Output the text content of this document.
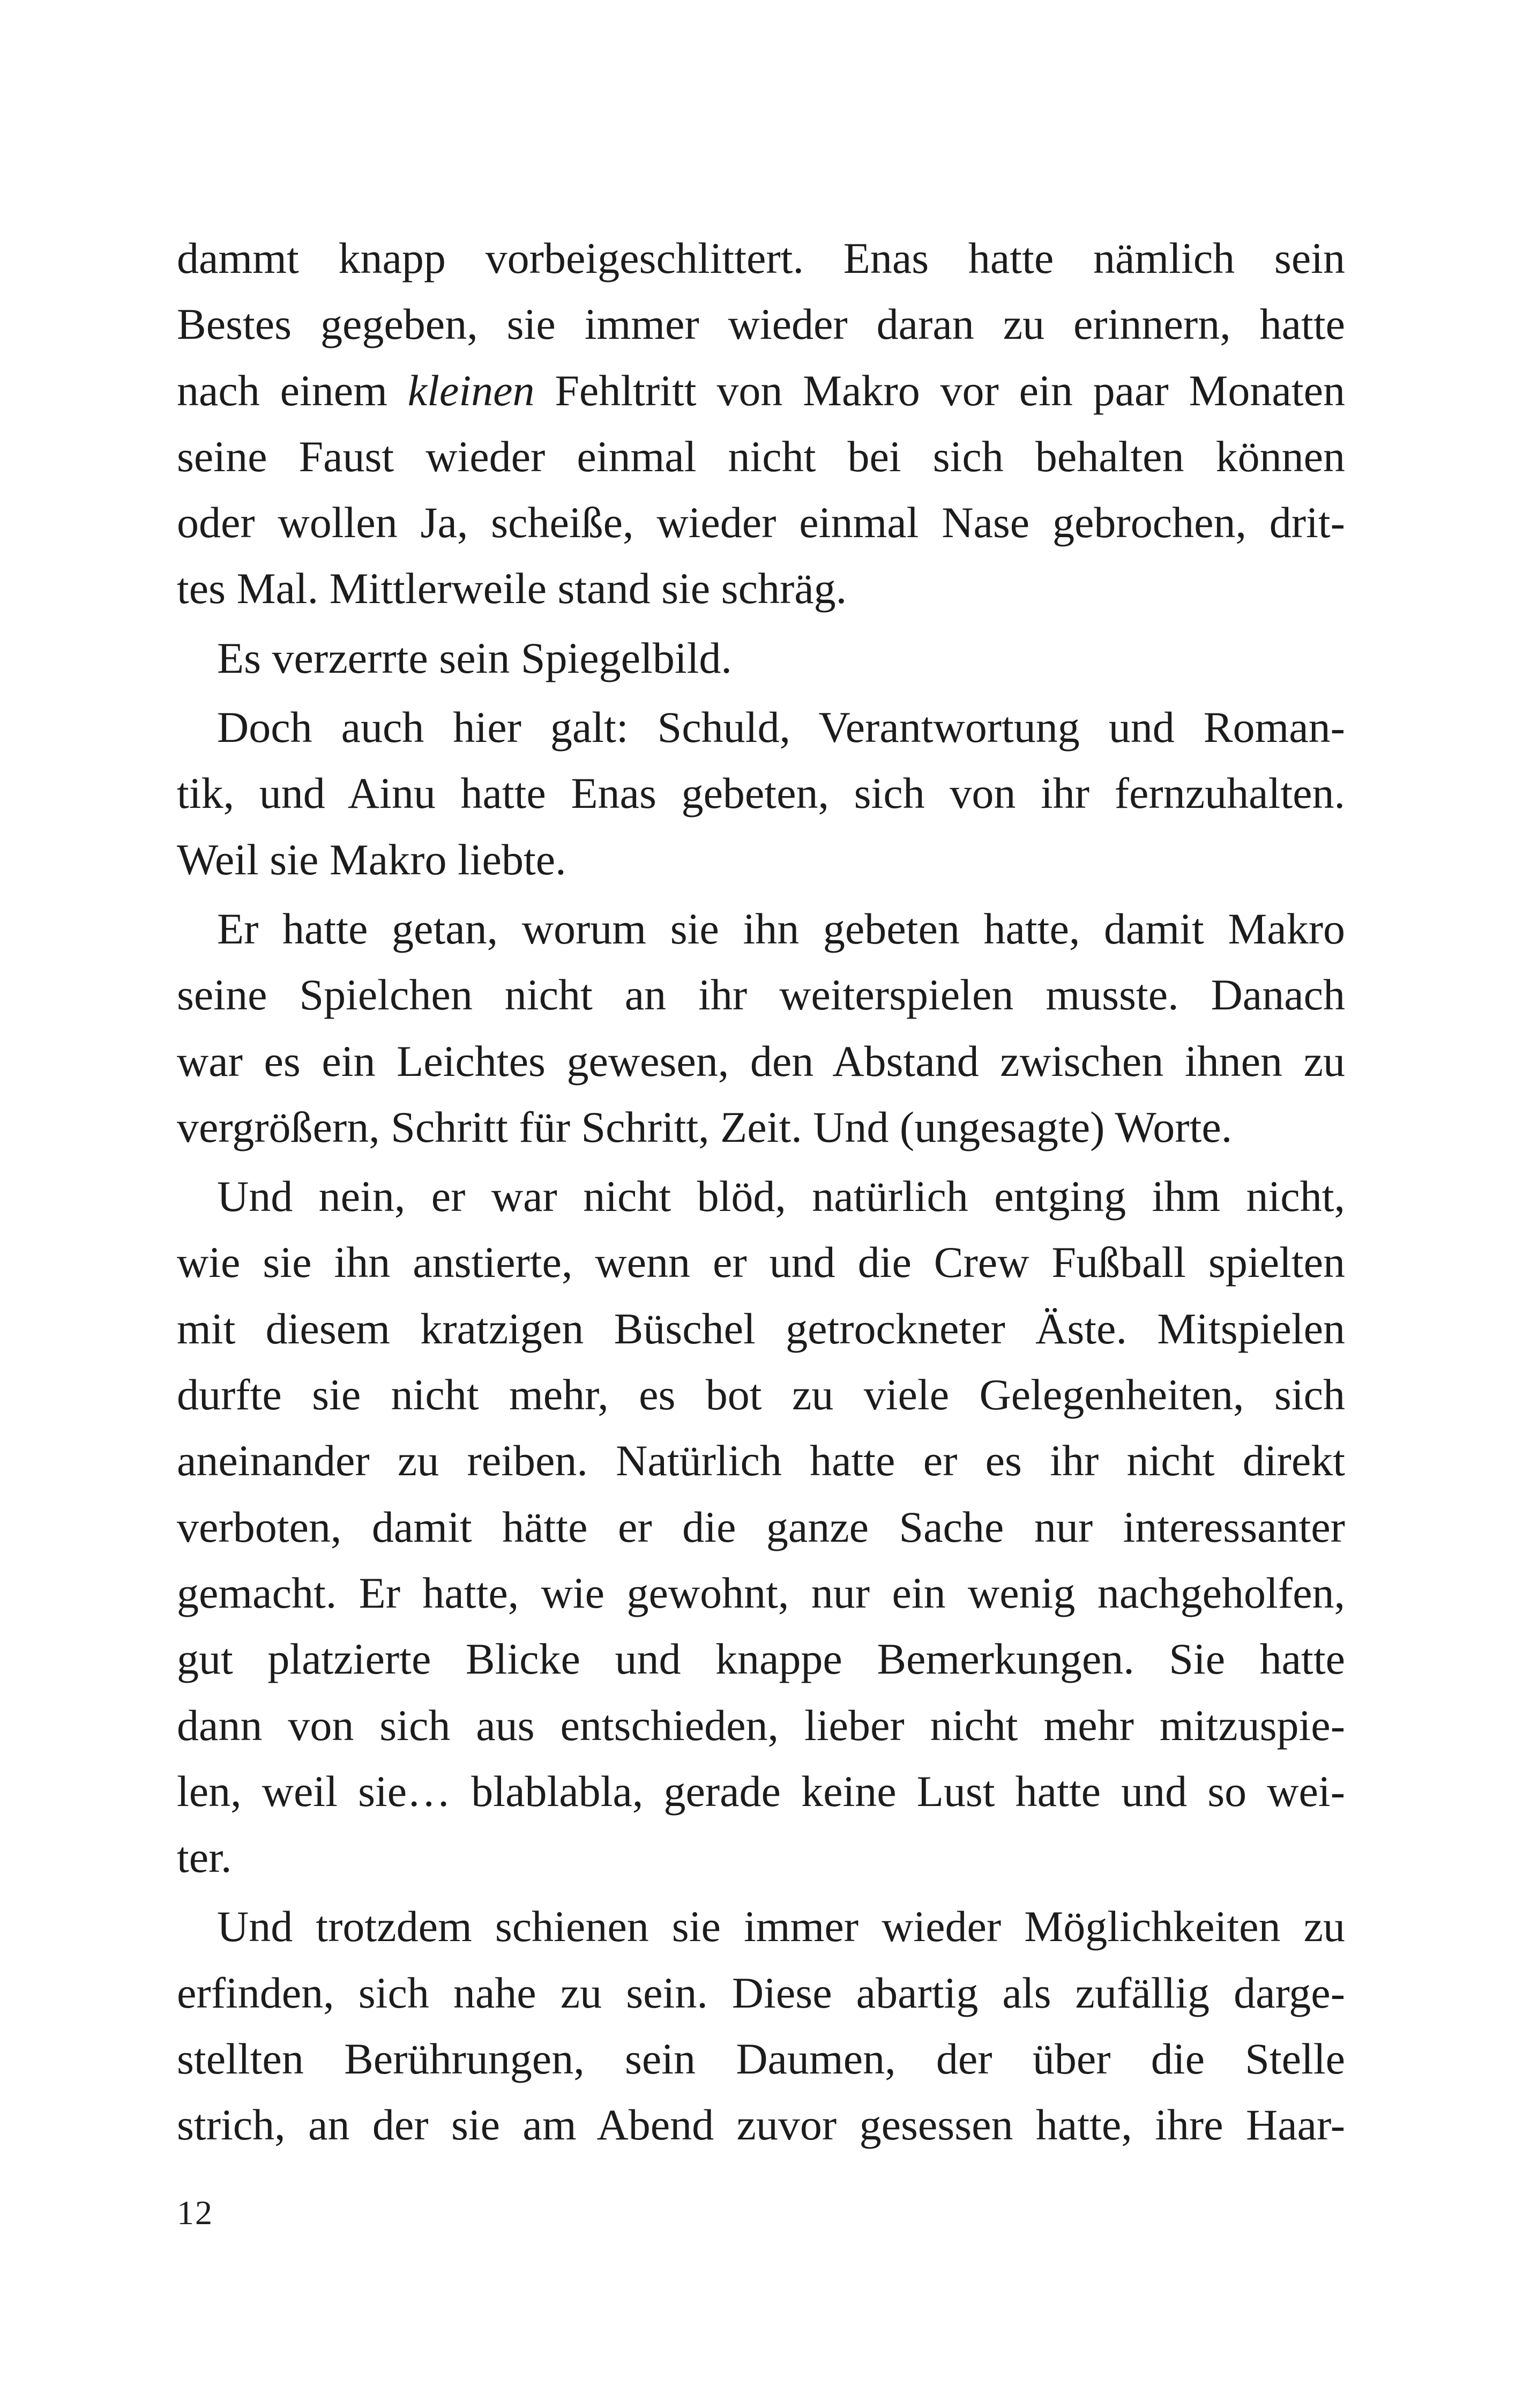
dammt knapp vorbeigeschlittert. Enas hatte nämlich sein
Bestes gegeben, sie immer wieder daran zu erinnern, hatte
nach einem kleinen Fehltritt von Makro vor ein paar Monaten
seine Faust wieder einmal nicht bei sich behalten können
oder wollen Ja, scheiße, wieder einmal Nase gebrochen, drit-
tes Mal. Mittlerweile stand sie schräg.
Es verzerrte sein Spiegelbild.
Doch auch hier galt: Schuld, Verantwortung und Roman-
tik, und Ainu hatte Enas gebeten, sich von ihr fernzuhalten.
Weil sie Makro liebte.
Er hatte getan, worum sie ihn gebeten hatte, damit Makro
seine Spielchen nicht an ihr weiterspielen musste. Danach
war es ein Leichtes gewesen, den Abstand zwischen ihnen zu
vergrößern, Schritt für Schritt, Zeit. Und (ungesagte) Worte.
Und nein, er war nicht blöd, natürlich entging ihm nicht,
wie sie ihn anstierte, wenn er und die Crew Fußball spielten
mit diesem kratzigen Büschel getrockneter Äste. Mitspielen
durfte sie nicht mehr, es bot zu viele Gelegenheiten, sich
aneinander zu reiben. Natürlich hatte er es ihr nicht direkt
verboten, damit hätte er die ganze Sache nur interessanter
gemacht. Er hatte, wie gewohnt, nur ein wenig nachgeholfen,
gut platzierte Blicke und knappe Bemerkungen. Sie hatte
dann von sich aus entschieden, lieber nicht mehr mitzuspie-
len, weil sie… blablabla, gerade keine Lust hatte und so wei-
ter.
Und trotzdem schienen sie immer wieder Möglichkeiten zu
erfinden, sich nahe zu sein. Diese abartig als zufällig darge-
stellten Berührungen, sein Daumen, der über die Stelle
strich, an der sie am Abend zuvor gesessen hatte, ihre Haar-
12
